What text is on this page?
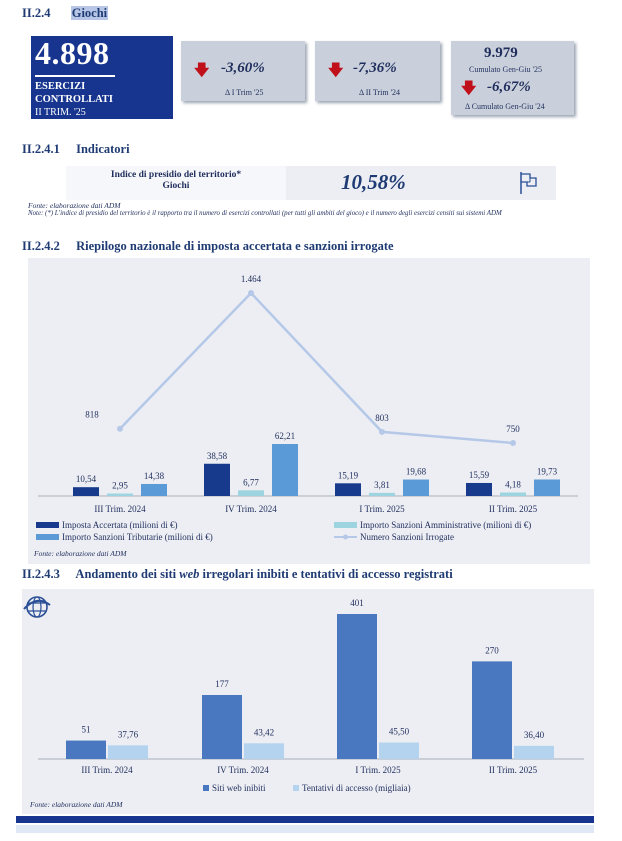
II.2.4 Giochi
4.898
ESERCIZI
CONTROLLATI
II TRIM. '25
🡇 -3,60%
Δ I Trim '25
🡇 -7,36%
Δ II Trim '24
9.979
Cumulato Gen-Giu '25
🡇 -6,67%
Δ Cumulato Gen-Giu '24
II.2.4.1 Indicatori
Indice di presidio del territorio*
Giochi	10,58%
Fonte: elaborazione dati ADM
Note: (*) L'indice di presidio del territorio è il rapporto tra il numero di esercizi controllati (per tutti gli ambiti del gioco) e il numero degli esercizi censiti sui sistemi ADM
II.2.4.2 Riepilogo nazionale di imposta accertata e sanzioni irrogate
10,54
2,95
14,38
38,58
6,77
62,21
15,19
3,81
19,68	15,59
4,18
19,73
818
1.464
803
750
III Trim. 2024	IV Trim. 2024	I Trim. 2025	II Trim. 2025
Imposta Accertata (milioni di €)
Importo Sanzioni Tributarie (milioni di €)
Importo Sanzioni Amministrative (milioni di €)
Numero Sanzioni Irrogate
Fonte: elaborazione dati ADM
II.2.4.3 Andamento dei siti web irregolari inibiti e tentativi di accesso registrati
51	37,76
177
43,42
401
45,50
270
36,40
III Trim. 2024	IV Trim. 2024	I Trim. 2025	II Trim. 2025
Siti web inibiti	Tentativi di accesso (migliaia)
Fonte: elaborazione dati ADM
